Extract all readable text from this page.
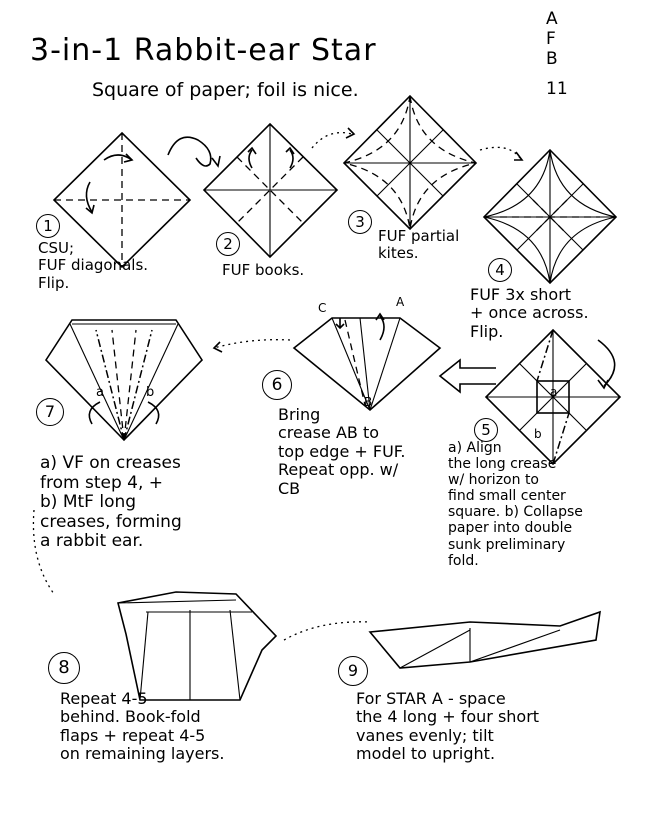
3-in-1 Rabbit-ear Star
Square of paper; foil is nice.
A
F
B
11
1
2
3
4
5
6
7
8	9
CSU;
FUF diagonals.
Flip.
FUF books.
FUF partial
kites.
FUF 3x short
+ once across.
Flip.
a) Align
the long crease
w/ horizon to
find small center
square. b) Collapse
paper into double
sunk preliminary
fold.
Bring
crease AB to
top edge + FUF.
Repeat opp. w/
CB
a) VF on creases
from step 4, +
b) MtF long
creases, forming
a rabbit ear.
Repeat 4-5
behind. Book-fold
flaps + repeat 4-5
on remaining layers.
For STAR A - space
the 4 long + four short
vanes evenly; tilt
model to upright.
A
B
C
a	b	a
b
